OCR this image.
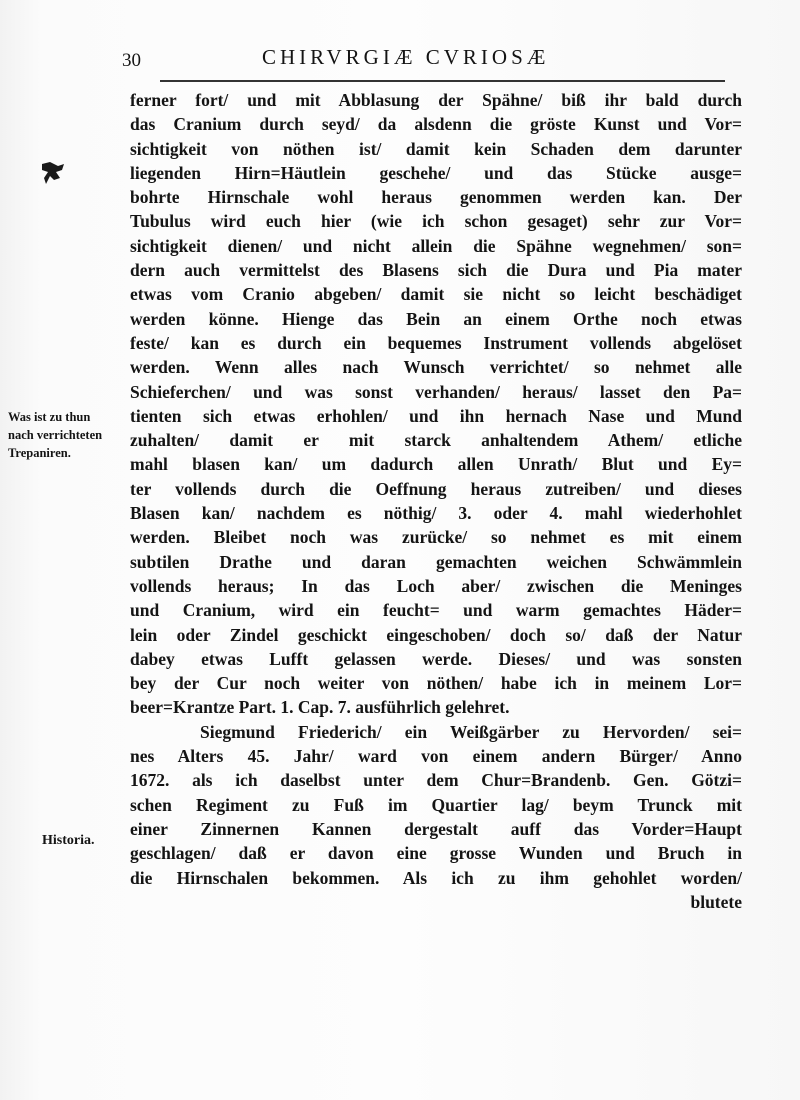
30	CHIRVRGIÆ CVRIOSÆ
Was ist zu thun
nach verrichteten
Trepaniren.
Historia.
ferner fort/ und mit Abblasung der Spähne/ biß ihr bald durch
das Cranium durch seyd/ da alsdenn die gröste Kunst und Vor=
sichtigkeit von nöthen ist/ damit kein Schaden dem darunter
liegenden Hirn=Häutlein geschehe/ und das Stücke ausge=
bohrte Hirnschale wohl heraus genommen werden kan. Der
Tubulus wird euch hier (wie ich schon gesaget) sehr zur Vor=
sichtigkeit dienen/ und nicht allein die Spähne wegnehmen/ son=
dern auch vermittelst des Blasens sich die Dura und Pia mater
etwas vom Cranio abgeben/ damit sie nicht so leicht beschädiget
werden könne. Hienge das Bein an einem Orthe noch etwas
feste/ kan es durch ein bequemes Instrument vollends abgelöset
werden. Wenn alles nach Wunsch verrichtet/ so nehmet alle
Schieferchen/ und was sonst verhanden/ heraus/ lasset den Pa=
tienten sich etwas erhohlen/ und ihn hernach Nase und Mund
zuhalten/ damit er mit starck anhaltendem Athem/ etliche
mahl blasen kan/ um dadurch allen Unrath/ Blut und Ey=
ter vollends durch die Oeffnung heraus zutreiben/ und dieses
Blasen kan/ nachdem es nöthig/ 3. oder 4. mahl wiederhohlet
werden. Bleibet noch was zurücke/ so nehmet es mit einem
subtilen Drathe und daran gemachten weichen Schwämmlein
vollends heraus; In das Loch aber/ zwischen die Meninges
und Cranium, wird ein feucht= und warm gemachtes Häder=
lein oder Zindel geschickt eingeschoben/ doch so/ daß der Natur
dabey etwas Lufft gelassen werde. Dieses/ und was sonsten
bey der Cur noch weiter von nöthen/ habe ich in meinem Lor=
beer=Krantze Part. 1. Cap. 7. ausführlich gelehret.
Siegmund Friederich/ ein Weißgärber zu Hervorden/ sei=
nes Alters 45. Jahr/ ward von einem andern Bürger/ Anno
1672. als ich daselbst unter dem Chur=Brandenb. Gen. Götzi=
schen Regiment zu Fuß im Quartier lag/ beym Trunck mit
einer Zinnernen Kannen dergestalt auff das Vorder=Haupt
geschlagen/ daß er davon eine grosse Wunden und Bruch in
die Hirnschalen bekommen. Als ich zu ihm gehohlet worden/
blutete
